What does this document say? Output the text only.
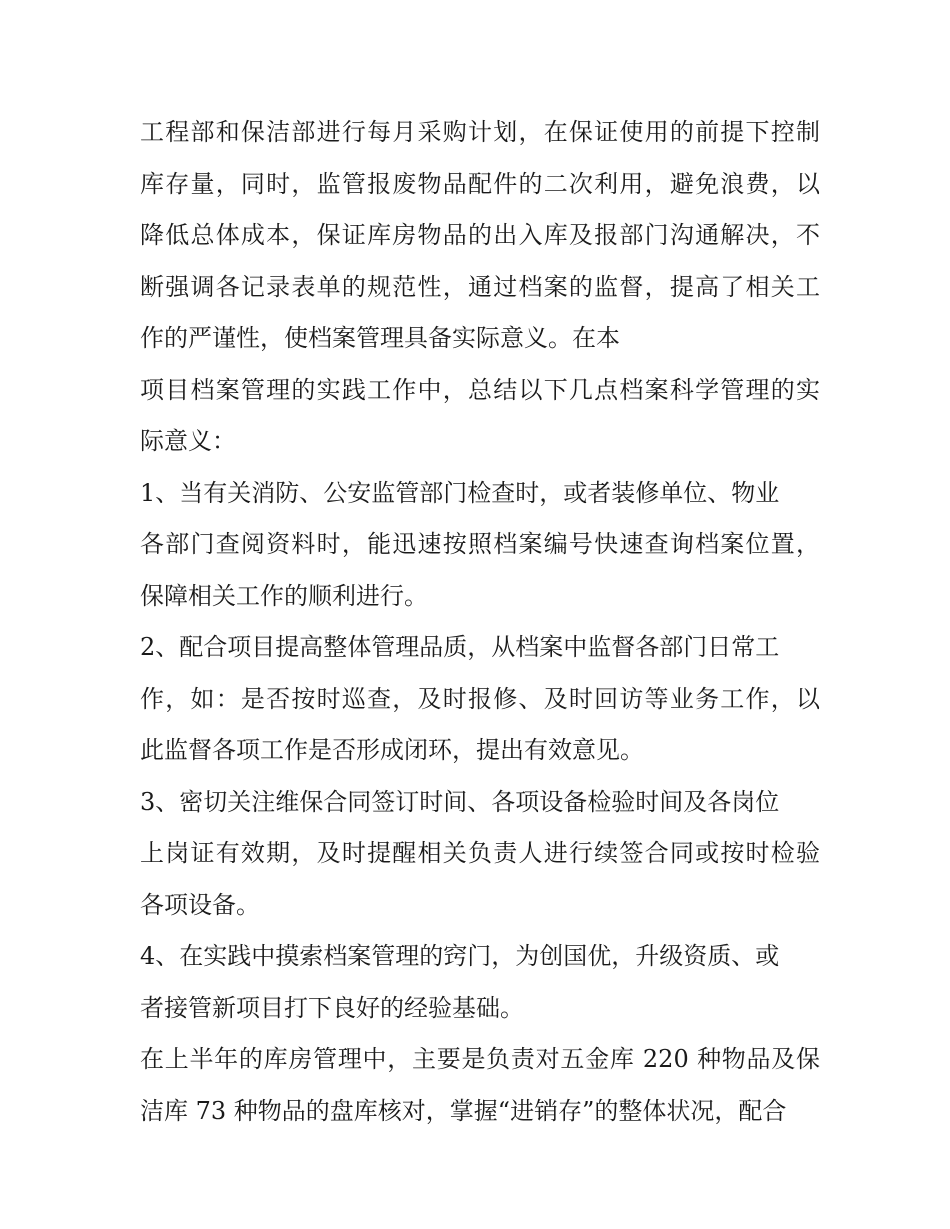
工程部和保洁部进行每月采购计划，在保证使用的前提下控制
库存量，同时，监管报废物品配件的二次利用，避免浪费，以
降低总体成本，保证库房物品的出入库及报部门沟通解决，不
断强调各记录表单的规范性，通过档案的监督，提高了相关工
作的严谨性，使档案管理具备实际意义。在本
项目档案管理的实践工作中，总结以下几点档案科学管理的实
际意义：
1、当有关消防、公安监管部门检查时，或者装修单位、物业
各部门查阅资料时，能迅速按照档案编号快速查询档案位置，
保障相关工作的顺利进行。
2、配合项目提高整体管理品质，从档案中监督各部门日常工
作，如：是否按时巡查，及时报修、及时回访等业务工作，以
此监督各项工作是否形成闭环，提出有效意见。
3、密切关注维保合同签订时间、各项设备检验时间及各岗位
上岗证有效期，及时提醒相关负责人进行续签合同或按时检验
各项设备。
4、在实践中摸索档案管理的窍门，为创国优，升级资质、或
者接管新项目打下良好的经验基础。
在上半年的库房管理中，主要是负责对五金库 220 种物品及保
洁库 73 种物品的盘库核对，掌握“进销存”的整体状况，配合
